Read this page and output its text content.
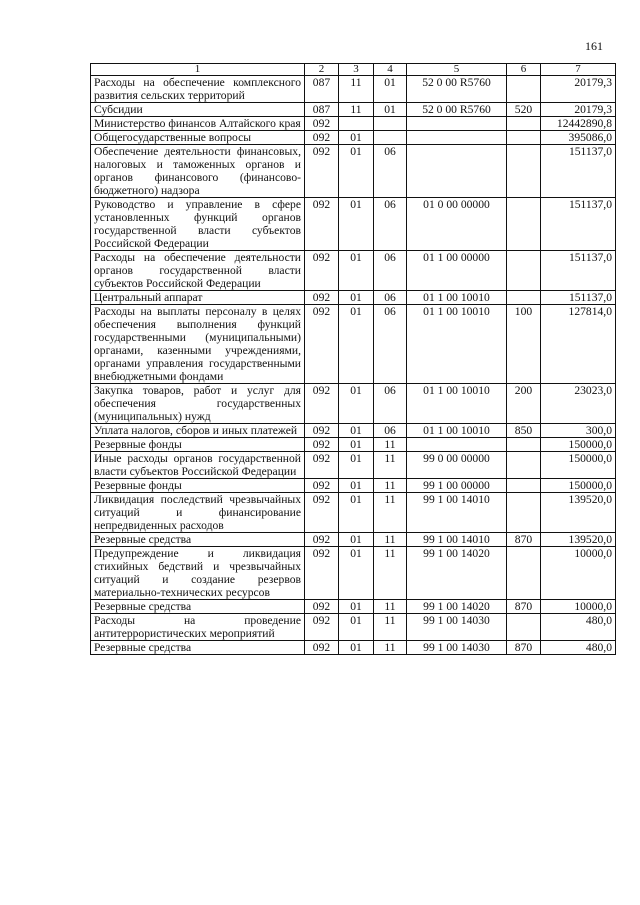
161
1	2	3	4	5	6	7
Расходы на обеспечение комплексного развития сельских территорий	087	11	01	52 0 00 R5760		20179,3
Субсидии	087	11	01	52 0 00 R5760	520	20179,3
Министерство финансов Алтайского края	092					12442890,8
Общегосударственные вопросы	092	01				395086,0
Обеспечение деятельности финансовых, налоговых и таможенных органов и органов финансового (финансово-бюджетного) надзора	092	01	06			151137,0
Руководство и управление в сфере установленных функций органов государственной власти субъектов Российской Федерации	092	01	06	01 0 00 00000		151137,0
Расходы на обеспечение деятельности органов государственной власти субъектов Российской Федерации	092	01	06	01 1 00 00000		151137,0
Центральный аппарат	092	01	06	01 1 00 10010		151137,0
Расходы на выплаты персоналу в целях обеспечения выполнения функций государственными (муниципальными) органами, казенными учреждениями, органами управления государственными внебюджетными фондами	092	01	06	01 1 00 10010	100	127814,0
Закупка товаров, работ и услуг для обеспечения государственных (муниципальных) нужд	092	01	06	01 1 00 10010	200	23023,0
Уплата налогов, сборов и иных платежей	092	01	06	01 1 00 10010	850	300,0
Резервные фонды	092	01	11			150000,0
Иные расходы органов государственной власти субъектов Российской Федерации	092	01	11	99 0 00 00000		150000,0
Резервные фонды	092	01	11	99 1 00 00000		150000,0
Ликвидация последствий чрезвычайных ситуаций и финансирование непредвиденных расходов	092	01	11	99 1 00 14010		139520,0
Резервные средства	092	01	11	99 1 00 14010	870	139520,0
Предупреждение и ликвидация стихийных бедствий и чрезвычайных ситуаций и создание резервов материально-технических ресурсов	092	01	11	99 1 00 14020		10000,0
Резервные средства	092	01	11	99 1 00 14020	870	10000,0
Расходы на проведение антитеррористических мероприятий	092	01	11	99 1 00 14030		480,0
Резервные средства	092	01	11	99 1 00 14030	870	480,0
